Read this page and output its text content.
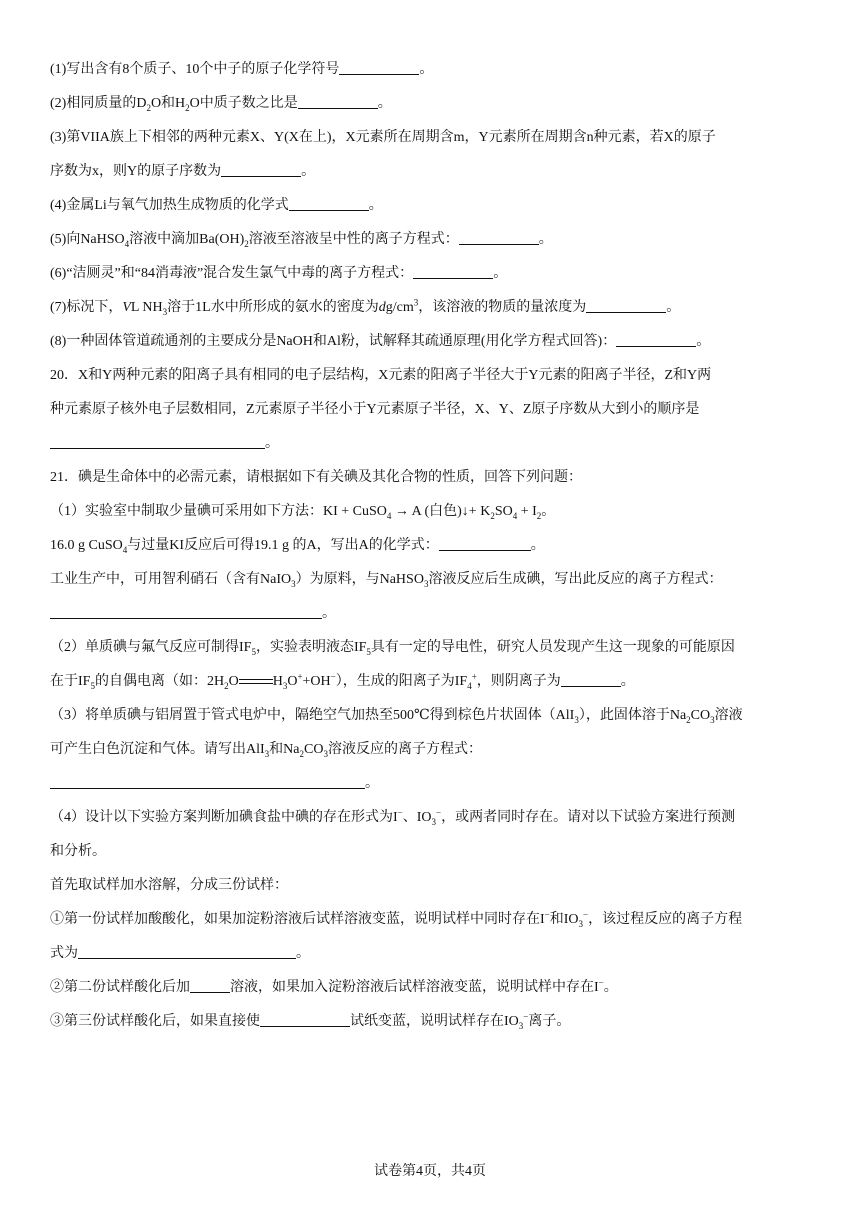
(1)写出含有8个质子、10个中子的原子化学符号	。
(2)相同质量的$D_2O$和$H_2O$中质子数之比是	。
(3)第VIIA族上下相邻的两种元素X、Y(X在上)，X元素所在周期含m，Y元素所在周期含n种元素，若X的原子
序数为x，则Y的原子序数为	。
(4)金属Li与氧气加热生成物质的化学式	。
(5)向NaHSO$_4$溶液中滴加$Ba(OH)_2$溶液至溶液呈中性的离子方程式：	。
(6)“洁厕灵”和“84消毒液”混合发生氯气中毒的离子方程式：	。
(7)标况下，VL $NH_3$溶于1L水中所形成的氨水的密度为$dg/cm^3$，该溶液的物质的量浓度为	。
(8)一种固体管道疏通剂的主要成分是NaOH和Al粉，试解释其疏通原理(用化学方程式回答)：	。
20．X和Y两种元素的阳离子具有相同的电子层结构，X元素的阳离子半径大于Y元素的阳离子半径，Z和Y两
种元素原子核外电子层数相同，Z元素原子半径小于Y元素原子半径，X、Y、Z原子序数从大到小的顺序是
。
21．碘是生命体中的必需元素，请根据如下有关碘及其化合物的性质，回答下列问题：
（1）实验室中制取少量碘可采用如下方法：KI + CuSO$_4$ → A (白色)↓+ $K_2SO_4 + I_2$。
16.0 g CuSO$_4$与过量KI反应后可得19.1 g 的A，写出A的化学式：	。
工业生产中，可用智利硝石（含有NaIO$_3$）为原料，与NaHSO$_3$溶液反应后生成碘，写出此反应的离子方程式：
。
（2）单质碘与氟气反应可制得$IF_5$，实验表明液态$IF_5$具有一定的导电性，研究人员发现产生这一现象的可能原因
在于$IF_5$的自偶电离（如：$2H_2O$ $H_3O^++OH^-$），生成的阳离子为$IF_4^+$，则阴离子为	。
（3）将单质碘与铝屑置于管式电炉中，隔绝空气加热至500℃得到棕色片状固体（AlI$_3$），此固体溶于$Na_2CO_3$溶液
可产生白色沉淀和气体。请写出AlI$_3$和$Na_2CO_3$溶液反应的离子方程式：
。
（4）设计以下实验方案判断加碘食盐中碘的存在形式为I−、$IO_3^-$，或两者同时存在。请对以下试验方案进行预测
和分析。
首先取试样加水溶解，分成三份试样：
①第一份试样加酸酸化，如果加淀粉溶液后试样溶液变蓝，说明试样中同时存在I−和$IO_3^-$，该过程反应的离子方程
式为	。
②第二份试样酸化后加	溶液，如果加入淀粉溶液后试样溶液变蓝，说明试样中存在I−。
③第三份试样酸化后，如果直接使	试纸变蓝，说明试样存在$IO_3^-$离子。
试卷第4页，共4页
